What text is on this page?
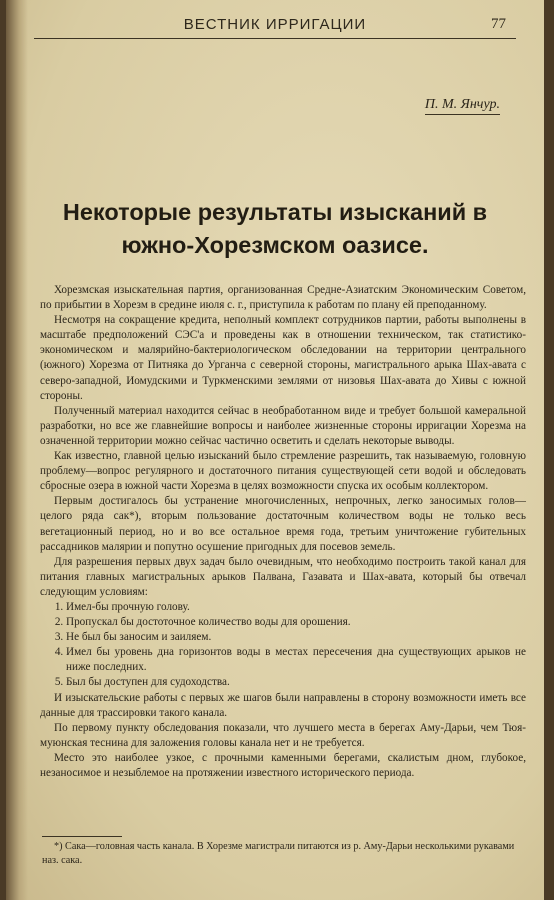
ВЕСТНИК ИРРИГАЦИИ	77
П. М. Янчур.
Некоторые результаты изысканий в южно-Хорезмском оазисе.

Хорезмская изыскательная партия, организованная Средне-Азиатским Экономическим Советом, по прибытии в Хорезм в средине июля с. г., приступила к работам по плану ей преподанному.

Несмотря на сокращение кредита, неполный комплект сотрудников партии, работы выполнены в масштабе предположений СЭС'а и проведены как в отношении техническом, так статистико-экономическом и малярийно-бактериологическом обследовании на территории центрального (южного) Хорезма от Питняка до Урганча с северной стороны, магистрального арыка Шах-авата с северо-западной, Иомудскими и Туркменскими землями от низовья Шах-авата до Хивы с южной стороны.

Полученный материал находится сейчас в необработанном виде и требует большой камеральной разработки, но все же главнейшие вопросы и наиболее жизненные стороны ирригации Хорезма на означенной территории можно сейчас частично осветить и сделать некоторые выводы.

Как известно, главной целью изысканий было стремление разрешить, так называемую, головную проблему—вопрос регулярного и достаточного питания существующей сети водой и обследовать сбросные озера в южной части Хорезма в целях возможности спуска их особым коллектором.

Первым достигалось бы устранение многочисленных, непрочных, легко заносимых голов—целого ряда сак*), вторым пользование достаточным количеством воды не только весь вегетационный период, но и во все остальное время года, третьим уничтожение губительных рассадников малярии и попутно осушение пригодных для посевов земель.

Для разрешения первых двух задач было очевидным, что необходимо построить такой канал для питания главных магистральных арыков Палвана, Газавата и Шах-авата, который бы отвечал следующим условиям:

1. Имел-бы прочную голову.
2. Пропускал бы достоточное количество воды для орошения.
3. Не был бы заносим и заиляем.
4. Имел бы уровень дна горизонтов воды в местах пересечения дна существующих арыков не ниже последних.
5. Был бы доступен для судоходства.

И изыскательские работы с первых же шагов были направлены в сторону возможности иметь все данные для трассировки такого канала.

По первому пункту обследования показали, что лучшего места в берегах Аму-Дарьи, чем Тюя-муюнская теснина для заложения головы канала нет и не требуется.

Место это наиболее узкое, с прочными каменными берегами, скалистым дном, глубокое, незаносимое и незыблемое на протяжении известного исторического периода.

*) Сака—головная часть канала. В Хорезме магистрали питаются из р. Аму-Дарьи несколькими рукавами наз. сака.
